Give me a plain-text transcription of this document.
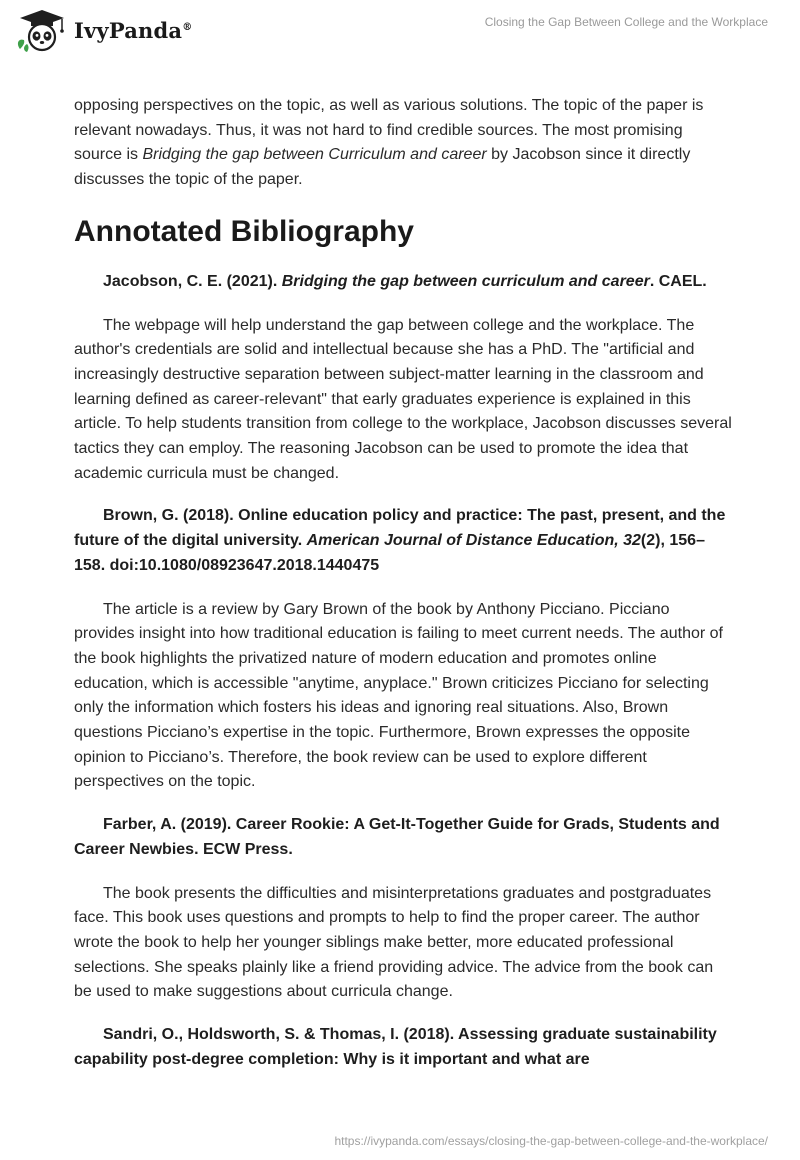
IvyPanda®	Closing the Gap Between College and the Workplace

opposing perspectives on the topic, as well as various solutions. The topic of the paper is relevant nowadays. Thus, it was not hard to find credible sources. The most promising source is Bridging the gap between Curriculum and career by Jacobson since it directly discusses the topic of the paper.

Annotated Bibliography

Jacobson, C. E. (2021). Bridging the gap between curriculum and career. CAEL.

The webpage will help understand the gap between college and the workplace. The author's credentials are solid and intellectual because she has a PhD. The "artificial and increasingly destructive separation between subject-matter learning in the classroom and learning defined as career-relevant" that early graduates experience is explained in this article. To help students transition from college to the workplace, Jacobson discusses several tactics they can employ. The reasoning Jacobson can be used to promote the idea that academic curricula must be changed.

Brown, G. (2018). Online education policy and practice: The past, present, and the future of the digital university. American Journal of Distance Education, 32(2), 156–158. doi:10.1080/08923647.2018.1440475

The article is a review by Gary Brown of the book by Anthony Picciano. Picciano provides insight into how traditional education is failing to meet current needs. The author of the book highlights the privatized nature of modern education and promotes online education, which is accessible "anytime, anyplace." Brown criticizes Picciano for selecting only the information which fosters his ideas and ignoring real situations. Also, Brown questions Picciano’s expertise in the topic. Furthermore, Brown expresses the opposite opinion to Picciano’s. Therefore, the book review can be used to explore different perspectives on the topic.

Farber, A. (2019). Career Rookie: A Get-It-Together Guide for Grads, Students and Career Newbies. ECW Press.

The book presents the difficulties and misinterpretations graduates and postgraduates face. This book uses questions and prompts to help to find the proper career. The author wrote the book to help her younger siblings make better, more educated professional selections. She speaks plainly like a friend providing advice. The advice from the book can be used to make suggestions about curricula change.

Sandri, O., Holdsworth, S. & Thomas, I. (2018). Assessing graduate sustainability capability post-degree completion: Why is it important and what are

https://ivypanda.com/essays/closing-the-gap-between-college-and-the-workplace/
